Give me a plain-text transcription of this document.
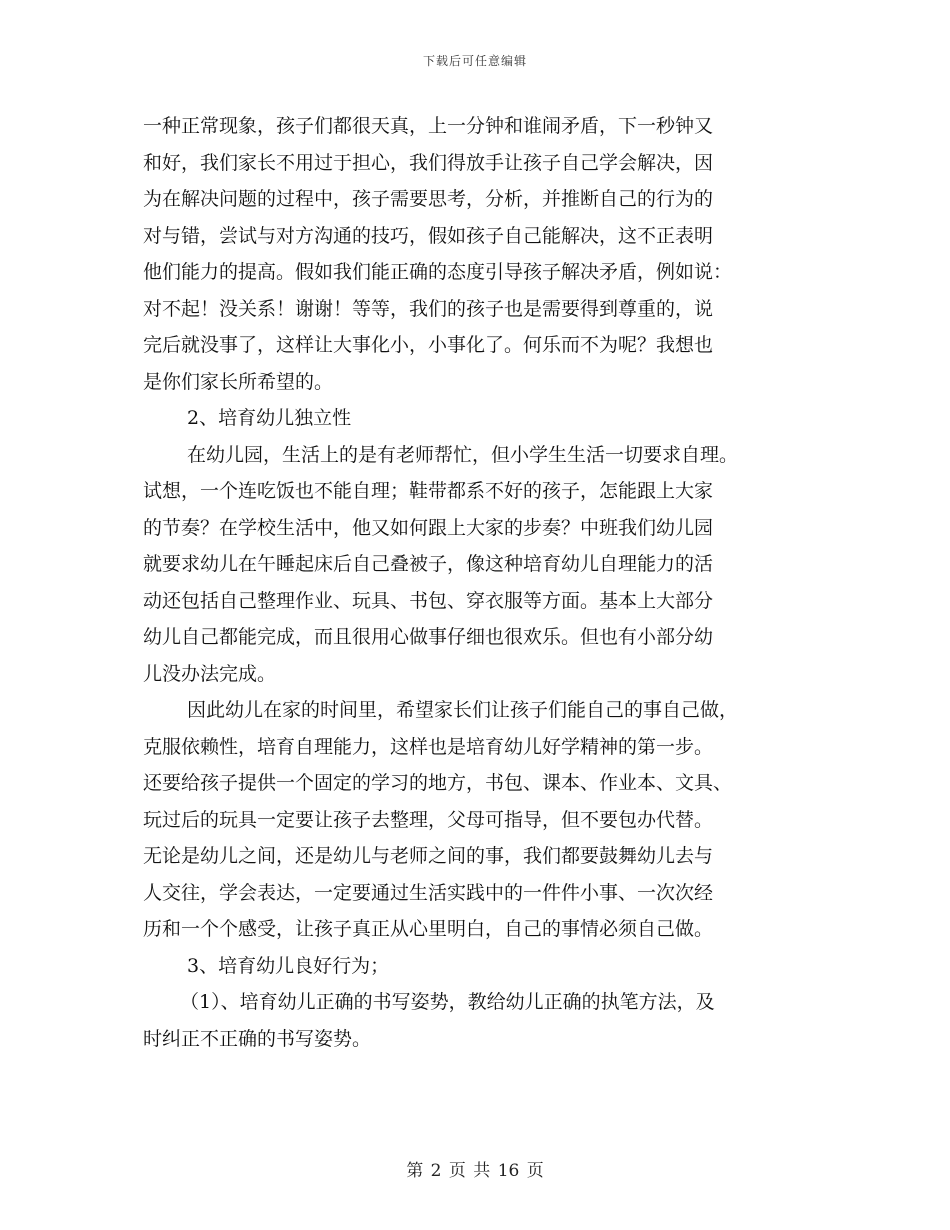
下载后可任意编辑
一种正常现象，孩子们都很天真，上一分钟和谁闹矛盾，下一秒钟又
和好，我们家长不用过于担心，我们得放手让孩子自己学会解决，因
为在解决问题的过程中，孩子需要思考，分析，并推断自己的行为的
对与错，尝试与对方沟通的技巧，假如孩子自己能解决，这不正表明
他们能力的提高。假如我们能正确的态度引导孩子解决矛盾，例如说：
对不起！没关系！谢谢！等等，我们的孩子也是需要得到尊重的，说
完后就没事了，这样让大事化小，小事化了。何乐而不为呢？我想也
是你们家长所希望的。
2、培育幼儿独立性
在幼儿园，生活上的是有老师帮忙，但小学生生活一切要求自理。
试想，一个连吃饭也不能自理；鞋带都系不好的孩子，怎能跟上大家
的节奏？在学校生活中，他又如何跟上大家的步奏？中班我们幼儿园
就要求幼儿在午睡起床后自己叠被子，像这种培育幼儿自理能力的活
动还包括自己整理作业、玩具、书包、穿衣服等方面。基本上大部分
幼儿自己都能完成，而且很用心做事仔细也很欢乐。但也有小部分幼
儿没办法完成。
因此幼儿在家的时间里，希望家长们让孩子们能自己的事自己做，
克服依赖性，培育自理能力，这样也是培育幼儿好学精神的第一步。
还要给孩子提供一个固定的学习的地方，书包、课本、作业本、文具、
玩过后的玩具一定要让孩子去整理，父母可指导，但不要包办代替。
无论是幼儿之间，还是幼儿与老师之间的事，我们都要鼓舞幼儿去与
人交往，学会表达，一定要通过生活实践中的一件件小事、一次次经
历和一个个感受，让孩子真正从心里明白，自己的事情必须自己做。
3、培育幼儿良好行为；
（1）、培育幼儿正确的书写姿势，教给幼儿正确的执笔方法，及
时纠正不正确的书写姿势。
第 2 页 共 16 页
